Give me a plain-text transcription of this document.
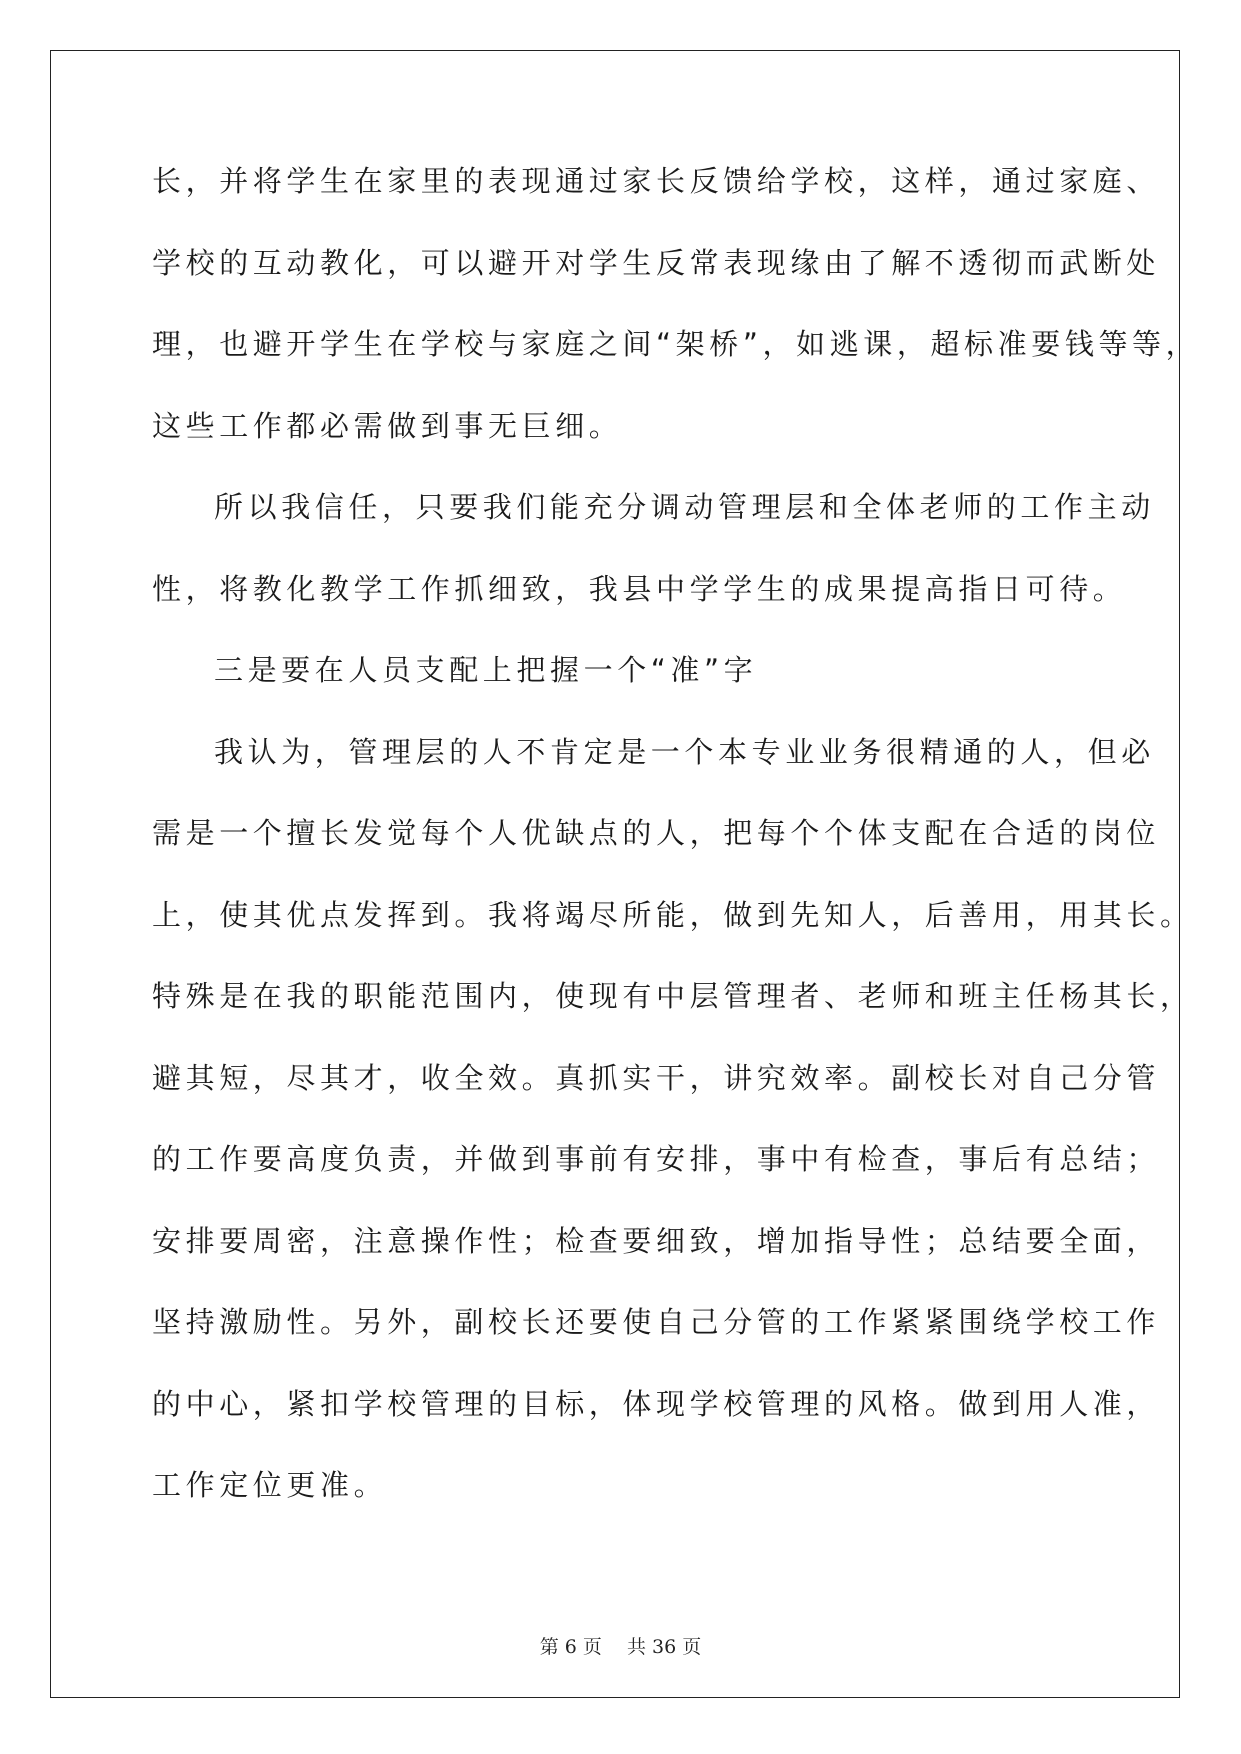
长，并将学生在家里的表现通过家长反馈给学校，这样，通过家庭、
学校的互动教化，可以避开对学生反常表现缘由了解不透彻而武断处
理，也避开学生在学校与家庭之间“架桥”，如逃课，超标准要钱等等，
这些工作都必需做到事无巨细。
所以我信任，只要我们能充分调动管理层和全体老师的工作主动
性，将教化教学工作抓细致，我县中学学生的成果提高指日可待。
三是要在人员支配上把握一个“准”字
我认为，管理层的人不肯定是一个本专业业务很精通的人，但必
需是一个擅长发觉每个人优缺点的人，把每个个体支配在合适的岗位
上，使其优点发挥到。我将竭尽所能，做到先知人，后善用，用其长。
特殊是在我的职能范围内，使现有中层管理者、老师和班主任杨其长，
避其短，尽其才，收全效。真抓实干，讲究效率。副校长对自己分管
的工作要高度负责，并做到事前有安排，事中有检查，事后有总结；
安排要周密，注意操作性；检查要细致，增加指导性；总结要全面，
坚持激励性。另外，副校长还要使自己分管的工作紧紧围绕学校工作
的中心，紧扣学校管理的目标，体现学校管理的风格。做到用人准，
工作定位更准。
第 6 页　 共 36 页
